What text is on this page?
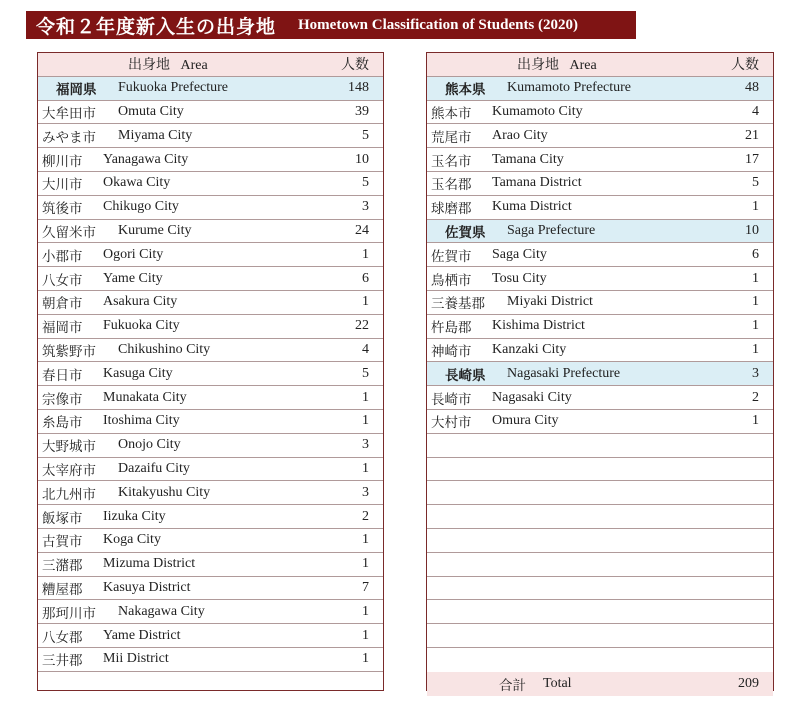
令和２年度新入生の出身地 Hometown Classification of Students (2020)
出身地 Area	人数
福岡県 Fukuoka Prefecture	148
大牟田市 Omuta City	39
みやま市 Miyama City	5
柳川市 Yanagawa City	10
大川市 Okawa City	5
筑後市 Chikugo City	3
久留米市 Kurume City	24
小郡市 Ogori City	1
八女市 Yame City	6
朝倉市 Asakura City	1
福岡市 Fukuoka City	22
筑紫野市 Chikushino City	4
春日市 Kasuga City	5
宗像市 Munakata City	1
糸島市 Itoshima City	1
大野城市 Onojo City	3
太宰府市 Dazaifu City	1
北九州市 Kitakyushu City	3
飯塚市 Iizuka City	2
古賀市 Koga City	1
三潴郡 Mizuma District	1
糟屋郡 Kasuya District	7
那珂川市 Nakagawa City	1
八女郡 Yame District	1
三井郡 Mii District	1
出身地 Area	人数
熊本県 Kumamoto Prefecture	48
熊本市 Kumamoto City	4
荒尾市 Arao City	21
玉名市 Tamana City	17
玉名郡 Tamana District	5
球磨郡 Kuma District	1
佐賀県 Saga Prefecture	10
佐賀市 Saga City	6
鳥栖市 Tosu City	1
三養基郡 Miyaki District	1
杵島郡 Kishima District	1
神崎市 Kanzaki City	1
長崎県 Nagasaki Prefecture	3
長崎市 Nagasaki City	2
大村市 Omura City	1
合計 Total	209
